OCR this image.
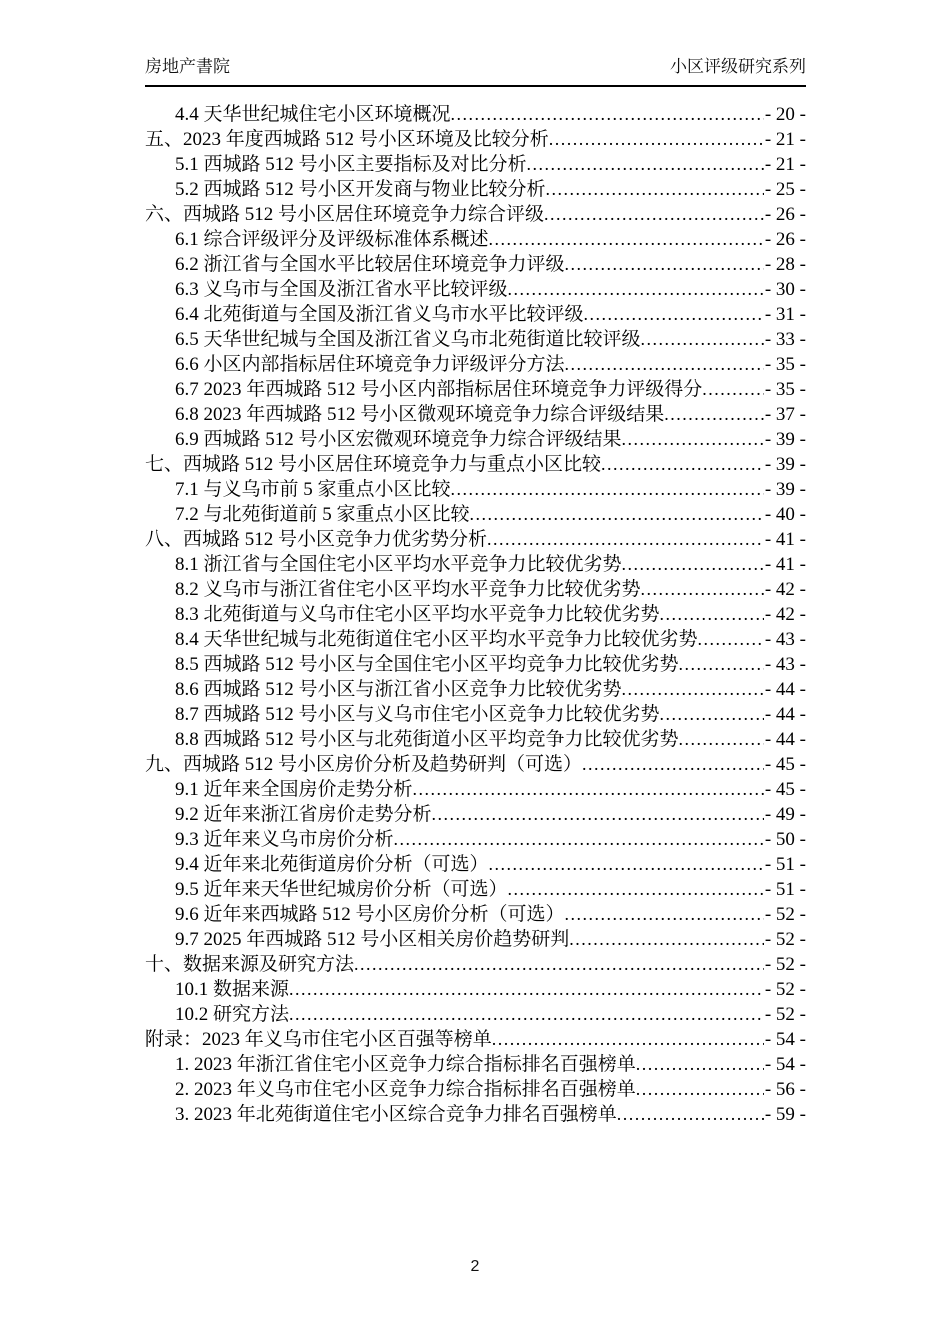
房地产書院	小区评级研究系列
4.4 天华世纪城住宅小区环境概况 .....	- 20 -
五、2023 年度西城路 512 号小区环境及比较分析 .....	- 21 -
5.1 西城路 512 号小区主要指标及对比分析 .....	- 21 -
5.2 西城路 512 号小区开发商与物业比较分析 .....	- 25 -
六、西城路 512 号小区居住环境竞争力综合评级 .....	- 26 -
6.1 综合评级评分及评级标准体系概述 .....	- 26 -
6.2 浙江省与全国水平比较居住环境竞争力评级 .....	- 28 -
6.3 义乌市与全国及浙江省水平比较评级 .....	- 30 -
6.4 北苑街道与全国及浙江省义乌市水平比较评级 .....	- 31 -
6.5 天华世纪城与全国及浙江省义乌市北苑街道比较评级 .....	- 33 -
6.6 小区内部指标居住环境竞争力评级评分方法 .....	- 35 -
6.7 2023 年西城路 512 号小区内部指标居住环境竞争力评级得分 .....	- 35 -
6.8 2023 年西城路 512 号小区微观环境竞争力综合评级结果 .....	- 37 -
6.9 西城路 512 号小区宏微观环境竞争力综合评级结果 .....	- 39 -
七、西城路 512 号小区居住环境竞争力与重点小区比较 .....	- 39 -
7.1 与义乌市前 5 家重点小区比较 .....	- 39 -
7.2 与北苑街道前 5 家重点小区比较 .....	- 40 -
八、西城路 512 号小区竞争力优劣势分析 .....	- 41 -
8.1 浙江省与全国住宅小区平均水平竞争力比较优劣势 .....	- 41 -
8.2 义乌市与浙江省住宅小区平均水平竞争力比较优劣势 .....	- 42 -
8.3 北苑街道与义乌市住宅小区平均水平竞争力比较优劣势 .....	- 42 -
8.4 天华世纪城与北苑街道住宅小区平均水平竞争力比较优劣势 .....	- 43 -
8.5 西城路 512 号小区与全国住宅小区平均竞争力比较优劣势 .....	- 43 -
8.6 西城路 512 号小区与浙江省小区竞争力比较优劣势 .....	- 44 -
8.7 西城路 512 号小区与义乌市住宅小区竞争力比较优劣势 .....	- 44 -
8.8 西城路 512 号小区与北苑街道小区平均竞争力比较优劣势 .....	- 44 -
九、西城路 512 号小区房价分析及趋势研判（可选） .....	- 45 -
9.1 近年来全国房价走势分析 .....	- 45 -
9.2 近年来浙江省房价走势分析 .....	- 49 -
9.3 近年来义乌市房价分析 .....	- 50 -
9.4 近年来北苑街道房价分析（可选） .....	- 51 -
9.5 近年来天华世纪城房价分析（可选） .....	- 51 -
9.6 近年来西城路 512 号小区房价分析（可选） .....	- 52 -
9.7 2025 年西城路 512 号小区相关房价趋势研判 .....	- 52 -
十、数据来源及研究方法 .....	- 52 -
10.1 数据来源 .....	- 52 -
10.2 研究方法 .....	- 52 -
附录：2023 年义乌市住宅小区百强等榜单 .....	- 54 -
1. 2023 年浙江省住宅小区竞争力综合指标排名百强榜单 .....	- 54 -
2. 2023 年义乌市住宅小区竞争力综合指标排名百强榜单 .....	- 56 -
3. 2023 年北苑街道住宅小区综合竞争力排名百强榜单 .....	- 59 -
2
